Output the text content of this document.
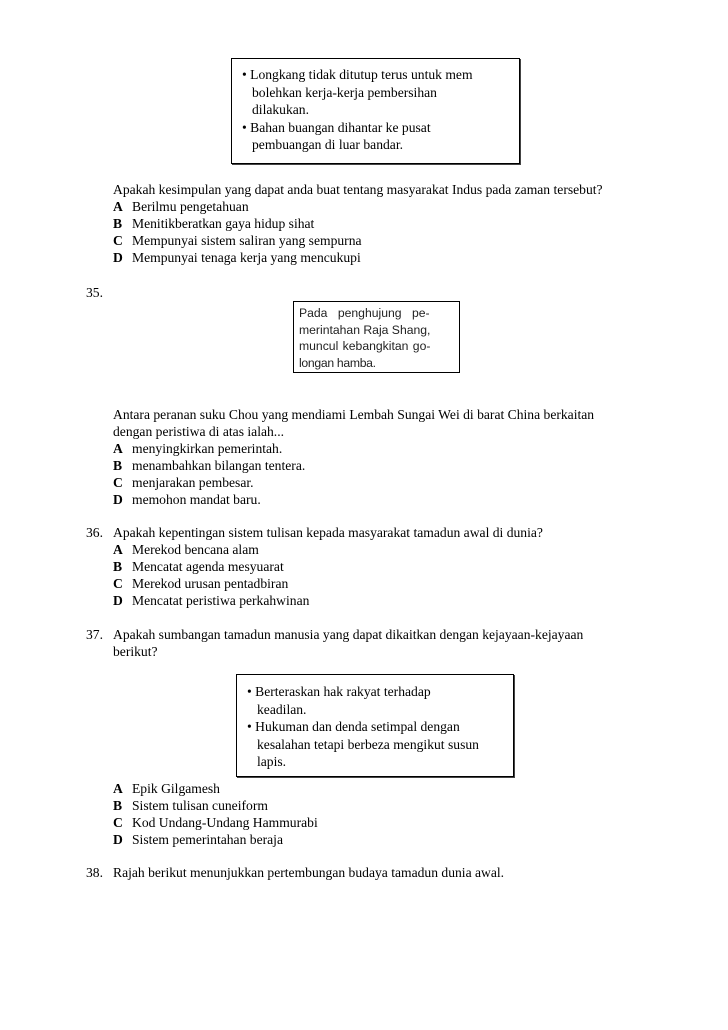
• Longkang tidak ditutup terus untuk mem
bolehkan kerja-kerja pembersihan
dilakukan.
• Bahan buangan dihantar ke pusat
pembuangan di luar bandar.
Apakah kesimpulan yang dapat anda buat tentang masyarakat Indus pada zaman tersebut?
A Berilmu pengetahuan
B Menitikberatkan gaya hidup sihat
C Mempunyai sistem saliran yang sempurna
D Mempunyai tenaga kerja yang mencukupi
35.
Pada penghujung pe-
merintahan Raja Shang,
muncul kebangkitan go-
longan hamba.
Antara peranan suku Chou yang mendiami Lembah Sungai Wei di barat China berkaitan
dengan peristiwa di atas ialah...
A menyingkirkan pemerintah.
B menambahkan bilangan tentera.
C menjarakan pembesar.
D memohon mandat baru.
36. Apakah kepentingan sistem tulisan kepada masyarakat tamadun awal di dunia?
A Merekod bencana alam
B Mencatat agenda mesyuarat
C Merekod urusan pentadbiran
D Mencatat peristiwa perkahwinan
37. Apakah sumbangan tamadun manusia yang dapat dikaitkan dengan kejayaan-kejayaan
berikut?
• Berteraskan hak rakyat terhadap
keadilan.
• Hukuman dan denda setimpal dengan
kesalahan tetapi berbeza mengikut susun
lapis.
A Epik Gilgamesh
B Sistem tulisan cuneiform
C Kod Undang-Undang Hammurabi
D Sistem pemerintahan beraja
38. Rajah berikut menunjukkan pertembungan budaya tamadun dunia awal.
